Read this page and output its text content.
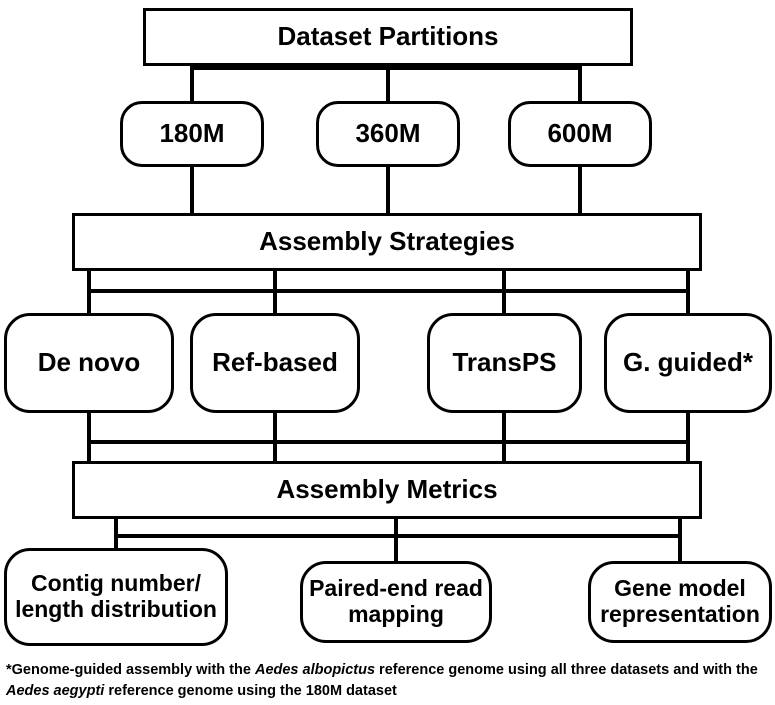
Dataset Partitions
180M	360M	600M
Assembly Strategies
De novo	Ref-based	TransPS	G. guided*
Assembly Metrics
Contig number/ length distribution
Paired-end read mapping
Gene model representation
*Genome-guided assembly with the Aedes albopictus reference genome using all three datasets and with the Aedes aegypti reference genome using the 180M dataset
